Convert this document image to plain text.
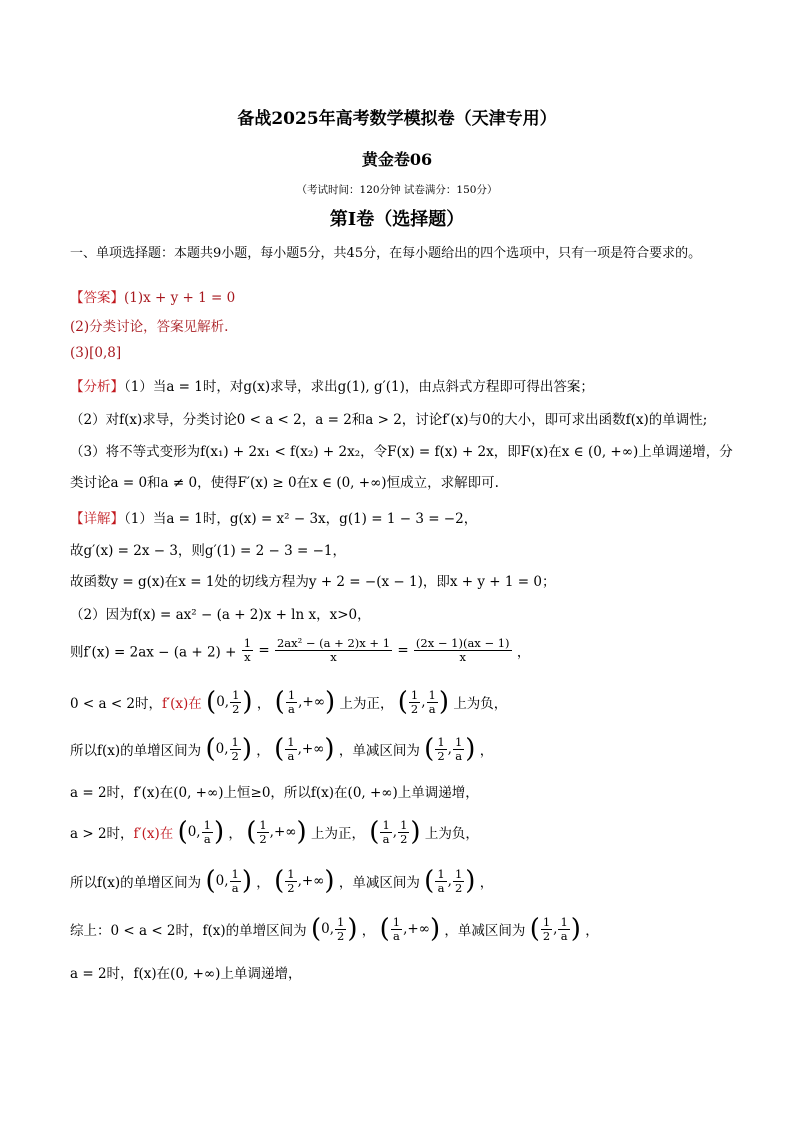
备战2025年高考数学模拟卷（天津专用）
黄金卷06
（考试时间：120分钟 试卷满分：150分）
第I卷（选择题）
一、单项选择题：本题共9小题，每小题5分，共45分，在每小题给出的四个选项中，只有一项是符合要求的。
【答案】(1)x + y + 1 = 0
(2)分类讨论，答案见解析.
(3)[0,8]
【分析】（1）当a = 1时，对g(x)求导，求出g(1), g′(1)，由点斜式方程即可得出答案；
（2）对f(x)求导，分类讨论0 < a < 2，a = 2和a > 2，讨论f′(x)与0的大小，即可求出函数f(x)的单调性;
（3）将不等式变形为f(x₁) + 2x₁ < f(x₂) + 2x₂，令F(x) = f(x) + 2x，即F(x)在x ∈ (0, +∞)上单调递增，分
类讨论a = 0和a ≠ 0，使得F′(x) ≥ 0在x ∈ (0, +∞)恒成立，求解即可.
【详解】（1）当a = 1时，g(x) = x² − 3x，g(1) = 1 − 3 = −2，
故g′(x) = 2x − 3，则g′(1) = 2 − 3 = −1，
故函数y = g(x)在x = 1处的切线方程为y + 2 = −(x − 1)，即x + y + 1 = 0；
（2）因为f(x) = ax² − (a + 2)x + ln x，x>0，
则$f'(x) = 2ax - (a + 2) + \frac{1}{x} = \frac{\text{2ax² − (a + 2)x + 1}}{x} = \frac{(2x - 1)(ax - 1)}{x}$ ，
0 < a < 2时，f′(x)在 (0, $\frac{1}{2}$ ) ， ( $\frac{1}{a}$ ,+∞) 上为正， ( $\frac{1}{2}$ , $\frac{1}{a}$ ) 上为负，
所以f(x)的单增区间为 (0, $\frac{1}{2}$ ) ， ( $\frac{1}{a}$ ,+∞) ，单减区间为 ( $\frac{1}{2}$ , $\frac{1}{a}$ ) ，
a = 2时，f′(x)在(0, +∞)上恒≥0，所以f(x)在(0, +∞)上单调递增，
a > 2时，f′(x)在 (0, $\frac{1}{a}$ ) ， ( $\frac{1}{2}$ ,+∞) 上为正， ( $\frac{1}{a}$ , $\frac{1}{2}$ ) 上为负，
所以f(x)的单增区间为 (0, $\frac{1}{a}$ ) ， ( $\frac{1}{2}$ ,+∞) ，单减区间为 ( $\frac{1}{a}$ , $\frac{1}{2}$ ) ，
综上：0 < a < 2时，f(x)的单增区间为 (0, $\frac{1}{2}$ ) ， ( $\frac{1}{a}$ ,+∞) ，单减区间为 ( $\frac{1}{2}$ , $\frac{1}{a}$ ) ，
a = 2时，f(x)在(0, +∞)上单调递增，
